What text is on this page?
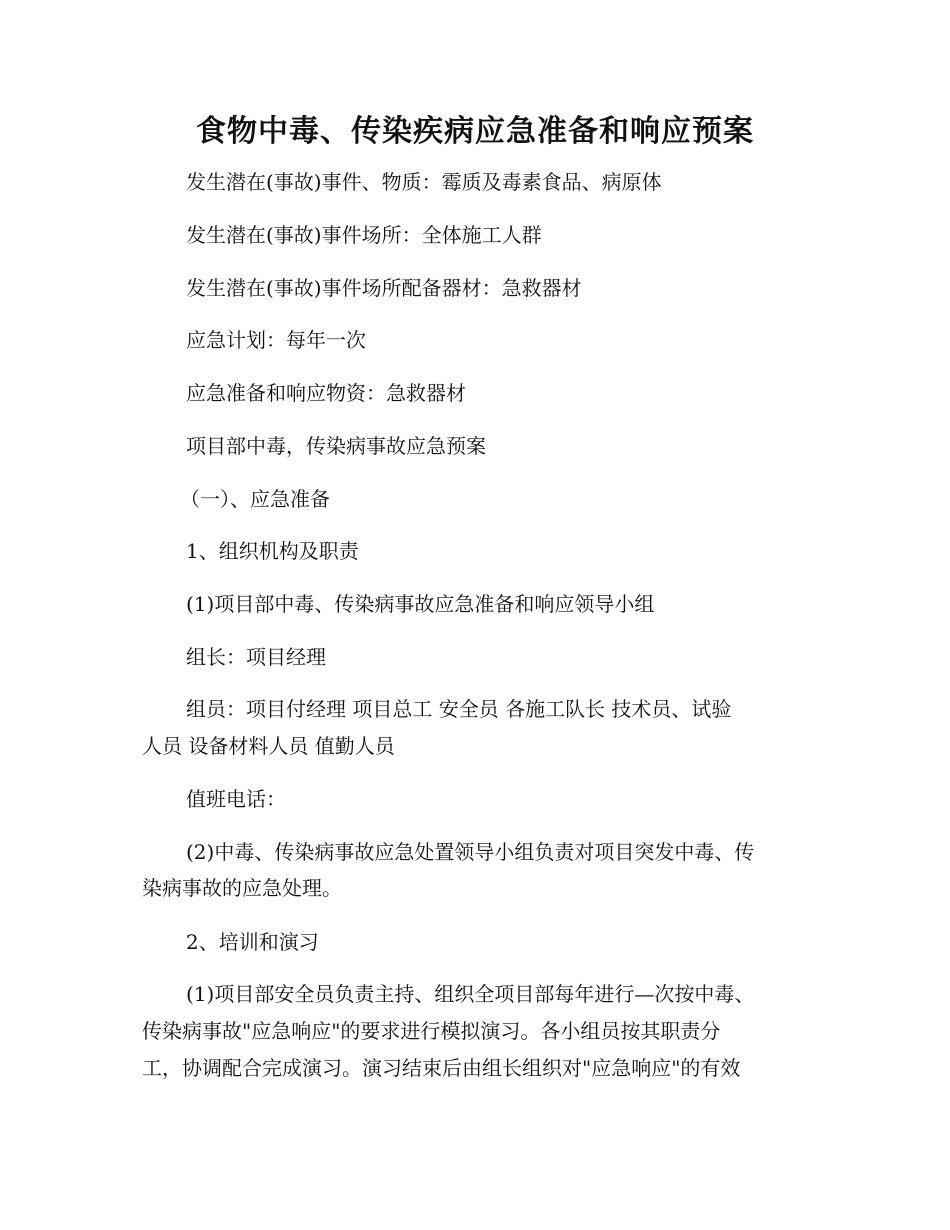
食物中毒、传染疾病应急准备和响应预案

发生潜在(事故)事件、物质：霉质及毒素食品、病原体

发生潜在(事故)事件场所：全体施工人群

发生潜在(事故)事件场所配备器材：急救器材

应急计划：每年一次

应急准备和响应物资：急救器材

项目部中毒，传染病事故应急预案

（一）、应急准备

1、组织机构及职责

(1)项目部中毒、传染病事故应急准备和响应领导小组

组长：项目经理

组员：项目付经理 项目总工 安全员 各施工队长 技术员、试验

人员 设备材料人员 值勤人员

值班电话：

(2)中毒、传染病事故应急处置领导小组负责对项目突发中毒、传

染病事故的应急处理。

2、培训和演习

(1)项目部安全员负责主持、组织全项目部每年进行—次按中毒、

传染病事故"应急响应"的要求进行模拟演习。各小组员按其职责分

工，协调配合完成演习。演习结束后由组长组织对"应急响应"的有效
